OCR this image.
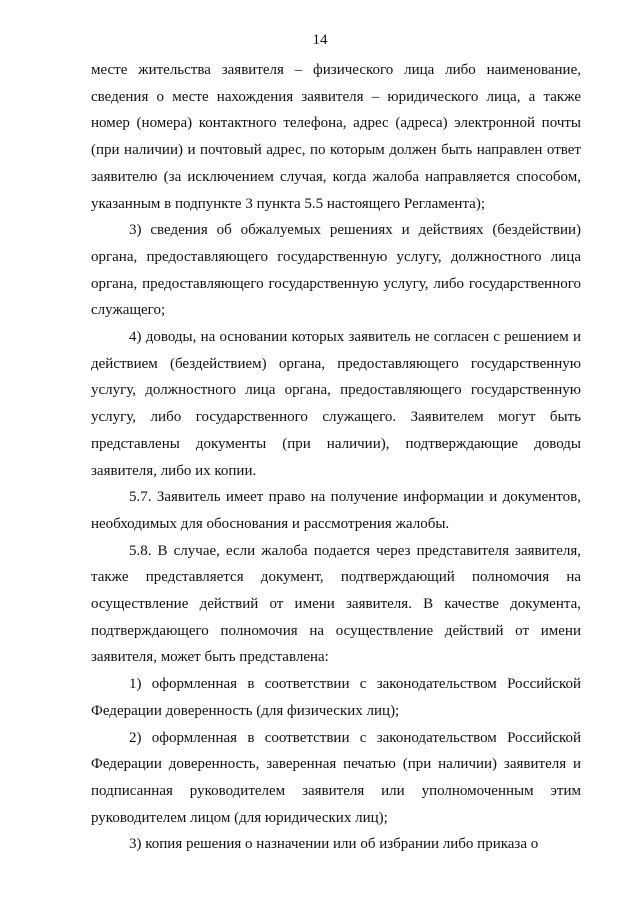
14

месте жительства заявителя – физического лица либо наименование, сведения о месте нахождения заявителя – юридического лица, а также номер (номера) контактного телефона, адрес (адреса) электронной почты (при наличии) и почтовый адрес, по которым должен быть направлен ответ заявителю (за исключением случая, когда жалоба направляется способом, указанным в подпункте 3 пункта 5.5 настоящего Регламента);

3) сведения об обжалуемых решениях и действиях (бездействии) органа, предоставляющего государственную услугу, должностного лица органа, предоставляющего государственную услугу, либо государственного служащего;

4) доводы, на основании которых заявитель не согласен с решением и действием (бездействием) органа, предоставляющего государственную услугу, должностного лица органа, предоставляющего государственную услугу, либо государственного служащего. Заявителем могут быть представлены документы (при наличии), подтверждающие доводы заявителя, либо их копии.

5.7. Заявитель имеет право на получение информации и документов, необходимых для обоснования и рассмотрения жалобы.

5.8. В случае, если жалоба подается через представителя заявителя, также представляется документ, подтверждающий полномочия на осуществление действий от имени заявителя. В качестве документа, подтверждающего полномочия на осуществление действий от имени заявителя, может быть представлена:

1) оформленная в соответствии с законодательством Российской Федерации доверенность (для физических лиц);

2) оформленная в соответствии с законодательством Российской Федерации доверенность, заверенная печатью (при наличии) заявителя и подписанная руководителем заявителя или уполномоченным этим руководителем лицом (для юридических лиц);

3) копия решения о назначении или об избрании либо приказа о
